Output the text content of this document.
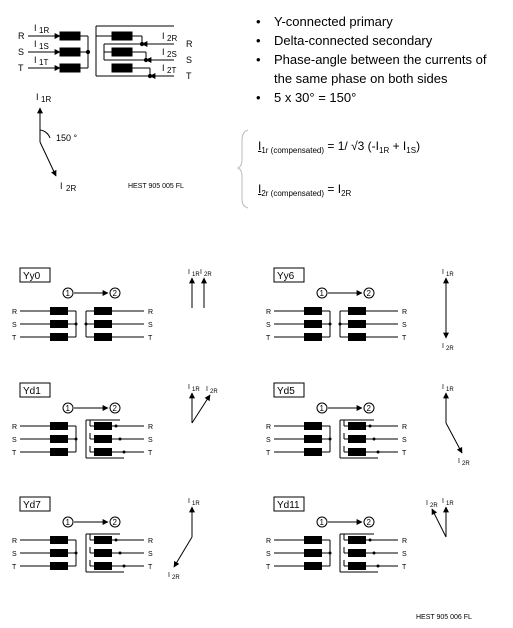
R
S
T
R
S
T
I 1R
I 1S
I 1T
I 2R
I 2S
I 2T
I 1R
150 °
I 2R
Yy0
1	2
R	R
S	S
T	T
I 1R I 2R	Yy6
1	2
R	R
S	S
T	T
I 1R
I 2R
Yd1
1	2
R	R
S	S
T	T
I 1R I 2R	Yd5
1	2
R	R
S	S
T	T
I 1R
I 2R
Yd7
1	2
R	R
S	S
T	T
I 1R
I 2R
Yd11
1	2
R	R
S	S
T	T
I 1R
I 2R
• Y-connected primary
• Delta-connected secondary
• Phase-angle between the currents of the same phase on both sides
• 5 x 30° = 150°
$I_{1r (compensated)} = 1/$ √3 $(-I_{1R} + I_{1S})$
$I_{2r (compensated)} = I_{2R}$
HEST 905 005 FL
HEST 905 006 FL
